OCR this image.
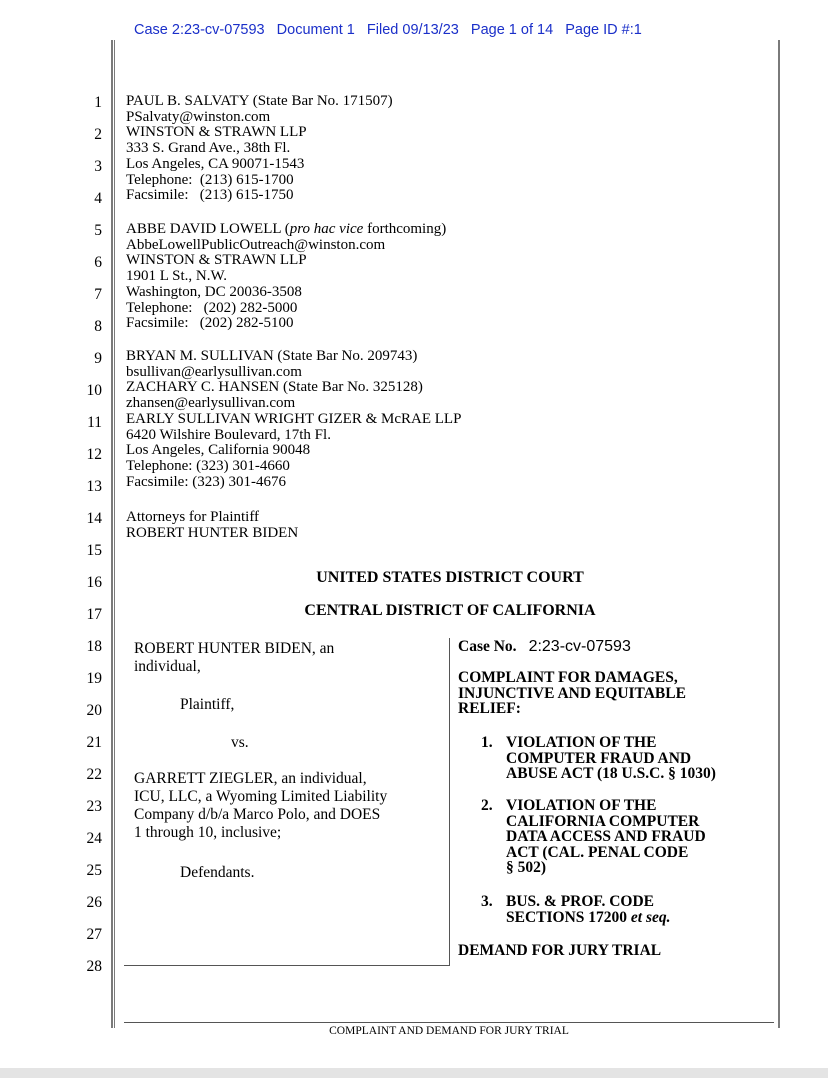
Case 2:23-cv-07593   Document 1   Filed 09/13/23   Page 1 of 14   Page ID #:1
1
2
3
4
5
6
7
8
9
10
11
12
13
14
15
16
17
18
19
20
21
22
23
24
25
26
27
28
PAUL B. SALVATY (State Bar No. 171507)
PSalvaty@winston.com
WINSTON & STRAWN LLP
333 S. Grand Ave., 38th Fl.
Los Angeles, CA 90071-1543
Telephone:  (213) 615-1700
Facsimile:   (213) 615-1750
ABBE DAVID LOWELL (pro hac vice forthcoming)
AbbeLowellPublicOutreach@winston.com
WINSTON & STRAWN LLP
1901 L St., N.W.
Washington, DC 20036-3508
Telephone:   (202) 282-5000
Facsimile:   (202) 282-5100
BRYAN M. SULLIVAN (State Bar No. 209743)
bsullivan@earlysullivan.com
ZACHARY C. HANSEN (State Bar No. 325128)
zhansen@earlysullivan.com
EARLY SULLIVAN WRIGHT GIZER & McRAE LLP
6420 Wilshire Boulevard, 17th Fl.
Los Angeles, California 90048
Telephone: (323) 301-4660
Facsimile: (323) 301-4676
Attorneys for Plaintiff
ROBERT HUNTER BIDEN
UNITED STATES DISTRICT COURT
CENTRAL DISTRICT OF CALIFORNIA
ROBERT HUNTER BIDEN, an
individual,
Plaintiff,
vs.
GARRETT ZIEGLER, an individual,
ICU, LLC, a Wyoming Limited Liability
Company d/b/a Marco Polo, and DOES
1 through 10, inclusive;
Defendants.
Case No. 2:23-cv-07593
COMPLAINT FOR DAMAGES,
INJUNCTIVE AND EQUITABLE
RELIEF:
1. VIOLATION OF THE
COMPUTER FRAUD AND
ABUSE ACT (18 U.S.C. § 1030)
2. VIOLATION OF THE
CALIFORNIA COMPUTER
DATA ACCESS AND FRAUD
ACT (CAL. PENAL CODE
§ 502)
3. BUS. & PROF. CODE
SECTIONS 17200 et seq.
DEMAND FOR JURY TRIAL
COMPLAINT AND DEMAND FOR JURY TRIAL
